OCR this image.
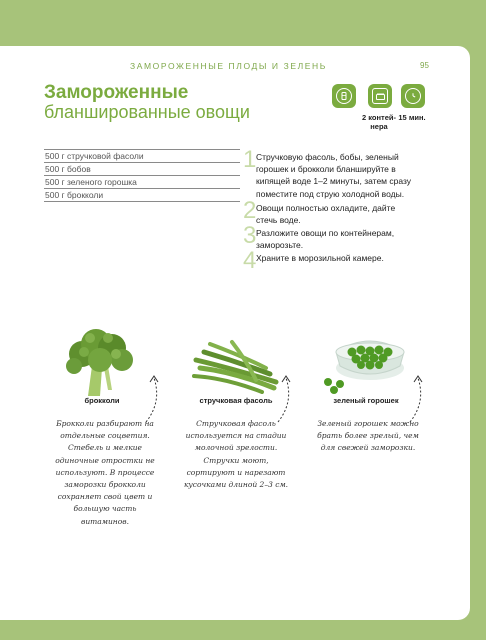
ЗАМОРОЖЕННЫЕ ПЛОДЫ И ЗЕЛЕНЬ	95
Замороженные
бланшированные овощи	2 контей-нера
15 мин.
500 г стручковой фасоли
500 г бобов
500 г зеленого горошка
500 г брокколи
1 Стручковую фасоль, бобы, зеленый горошек и брокколи бланшируйте в кипящей воде 1–2 минуты, затем сразу поместите под струю холодной воды.
2 Овощи полностью охладите, дайте стечь воде.
3 Разложите овощи по контейнерам, заморозьте.
4 Храните в морозильной камере.
брокколи	стручковая фасоль	зеленый горошек
Брокколи разбирают на отдельные соцветия. Стебель и мелкие одиночные отростки не используют. В процессе заморозки брокколи сохраняет свой цвет и большую часть витаминов.
Стручковая фасоль используется на стадии молочной зрелости. Стручки моют, сортируют и нарезают кусочками длиной 2–3 см.
Зеленый горошек можно брать более зрелый, чем для свежей заморозки.
